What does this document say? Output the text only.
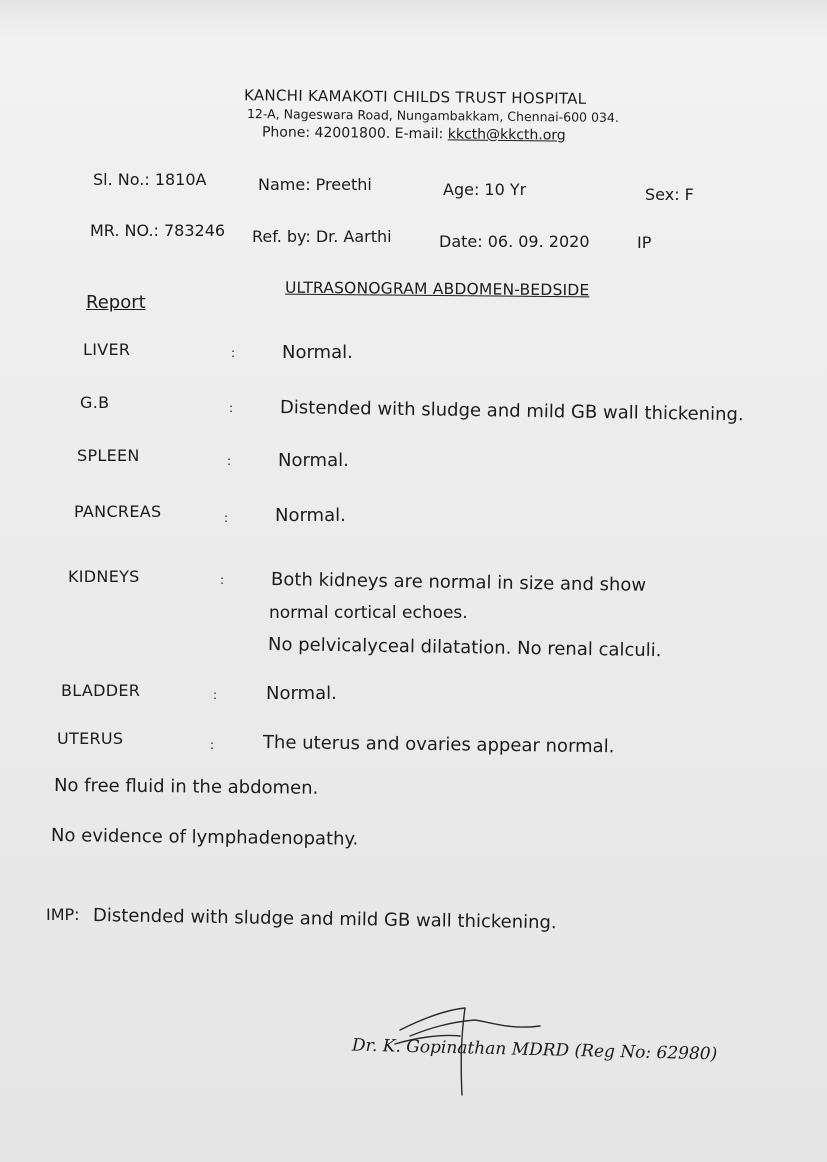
KANCHI KAMAKOTI CHILDS TRUST HOSPITAL
12-A, Nageswara Road, Nungambakkam, Chennai-600 034.
Phone: 42001800. E-mail: kkcth@kkcth.org
Sl. No.: 1810A	Name: Preethi	Age: 10 Yr	Sex: F
MR. NO.: 783246 Ref. by: Dr. Aarthi	Date: 06. 09. 2020	IP
ULTRASONOGRAM ABDOMEN-BEDSIDE
Report
LIVER	:	Normal.
G.B	:	Distended with sludge and mild GB wall thickening.
SPLEEN	:	Normal.
PANCREAS	:	Normal.
KIDNEYS	:	Both kidneys are normal in size and show
normal cortical echoes.
No pelvicalyceal dilatation. No renal calculi.
BLADDER	:	Normal.
UTERUS	:	The uterus and ovaries appear normal.
No free fluid in the abdomen.
No evidence of lymphadenopathy.
IMP: Distended with sludge and mild GB wall thickening.
Dr. K. Gopinathan MDRD (Reg No: 62980)
